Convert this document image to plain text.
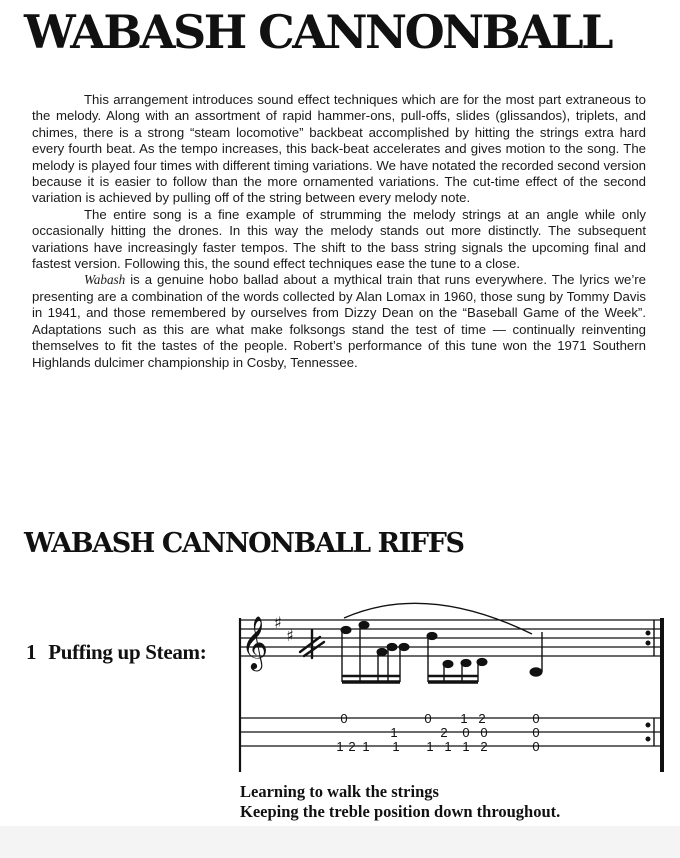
WABASH CANNONBALL

This arrangement introduces sound effect techniques which are for the most part extraneous to the melody. Along with an assortment of rapid hammer-ons, pull-offs, slides (glissandos), triplets, and chimes, there is a strong “steam locomotive” backbeat accomplished by hitting the strings extra hard every fourth beat. As the tempo increases, this back-beat accelerates and gives motion to the song. The melody is played four times with different timing variations. We have notated the recorded second version because it is easier to follow than the more ornamented variations. The cut-time effect of the second variation is achieved by pulling off of the string between every melody note.

The entire song is a fine example of strumming the melody strings at an angle while only occasionally hitting the drones. In this way the melody stands out more distinctly. The subsequent variations have increasingly faster tempos. The shift to the bass string signals the upcoming final and fastest version. Following this, the sound effect techniques ease the tune to a close.

Wabash is a genuine hobo ballad about a mythical train that runs everywhere. The lyrics we’re presenting are a combination of the words collected by Alan Lomax in 1960, those sung by Tommy Davis in 1941, and those remembered by ourselves from Dizzy Dean on the “Baseball Game of the Week”. Adaptations such as this are what make folksongs stand the test of time — continually reinventing themselves to fit the tastes of the people. Robert’s performance of this tune won the 1971 Southern Highlands dulcimer championship in Cosby, Tennessee.

WABASH CANNONBALL RIFFS
1 Puffing up Steam: 𝄞 ♯
♯
1
0
2 1
1
1
0
1
2
1
1
0
1
2
0
2
0
0
0
Learning to walk the strings
Keeping the treble position down throughout.
